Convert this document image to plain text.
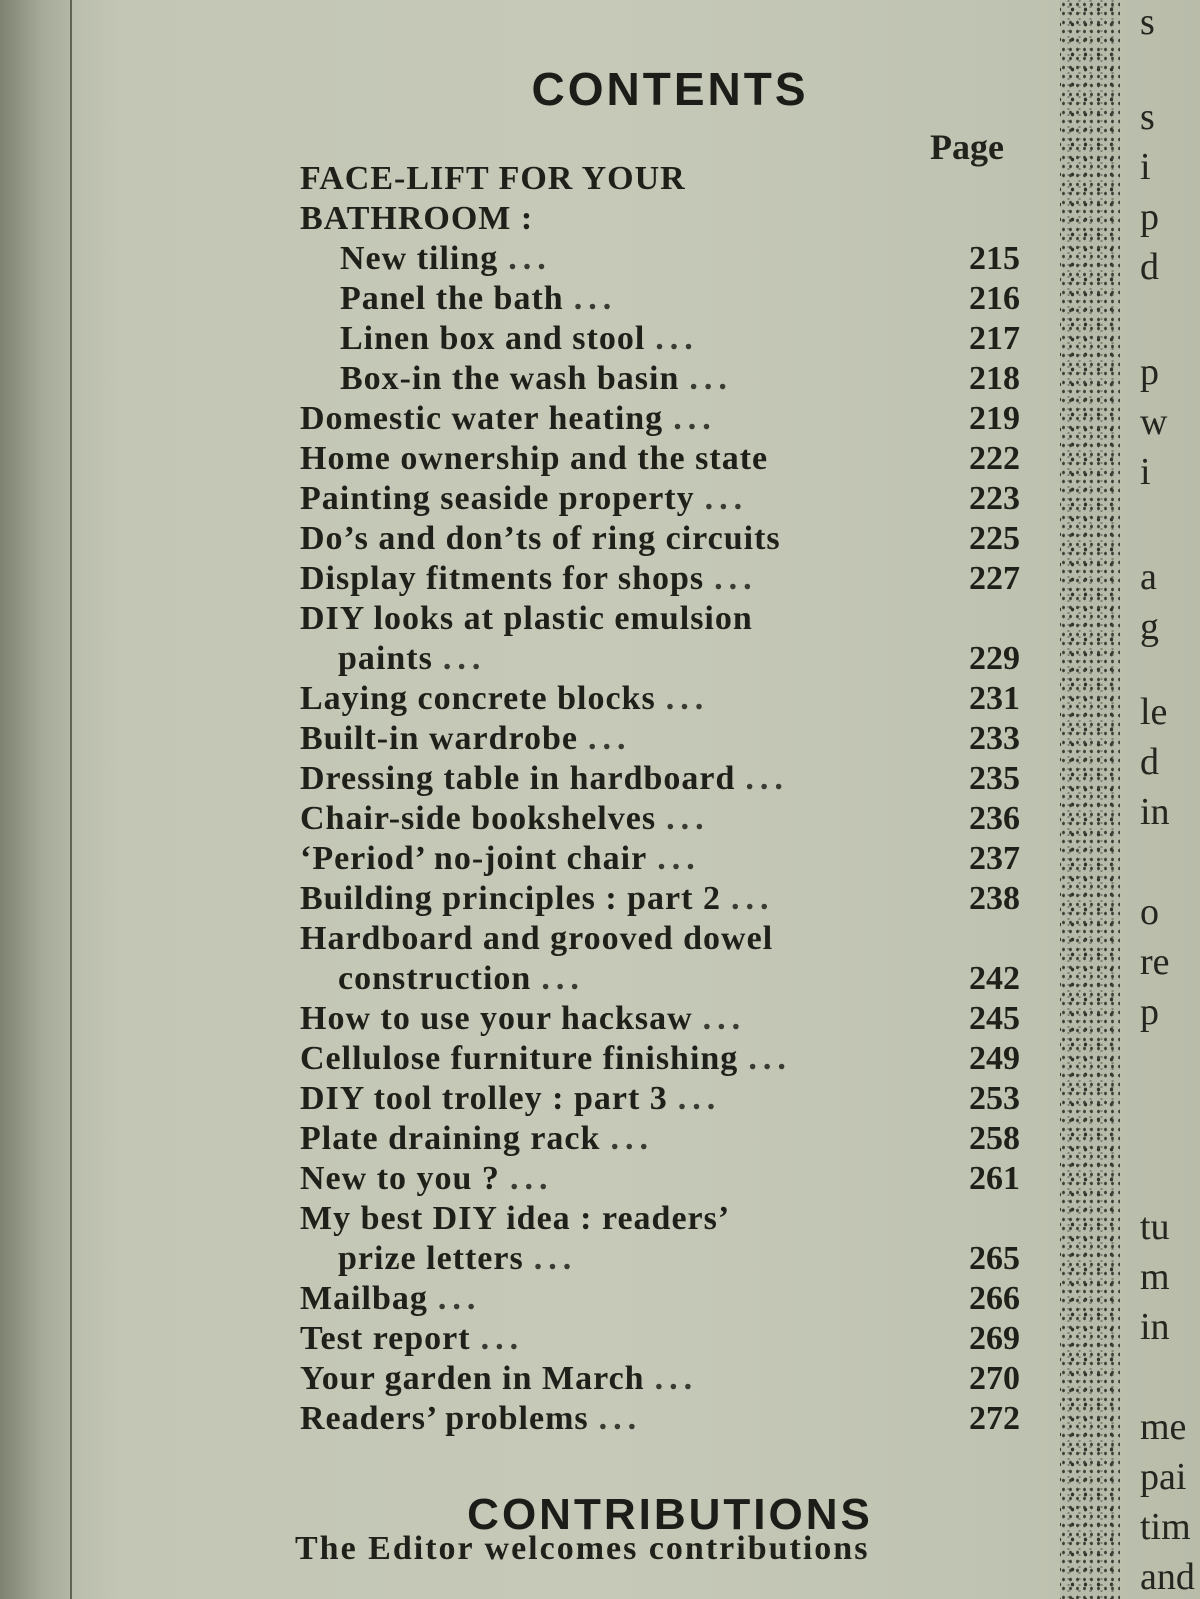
CONTENTS
Page
FACE-LIFT FOR YOUR
BATHROOM :
New tiling ...	215
Panel the bath ...	216
Linen box and stool ...	217
Box-in the wash basin ...	218
Domestic water heating ...	219
Home ownership and the state	222
Painting seaside property ...	223
Do’s and don’ts of ring circuits	225
Display fitments for shops ...	227
DIY looks at plastic emulsion
paints ...	229
Laying concrete blocks ...	231
Built-in wardrobe ...	233
Dressing table in hardboard ...	235
Chair-side bookshelves ...	236
‘Period’ no-joint chair ...	237
Building principles : part 2 ...	238
Hardboard and grooved dowel
construction ...	242
How to use your hacksaw ...	245
Cellulose furniture finishing ...	249
DIY tool trolley : part 3 ...	253
Plate draining rack ...	258
New to you ? ...	261
My best DIY idea : readers’
prize letters ...	265
Mailbag ...	266
Test report ...	269
Your garden in March ...	270
Readers’ problems ...	272
CONTRIBUTIONS
The Editor welcomes contributions
s
s
i
p
d
p
w
i
a
g
le
d
in
o
re
p
tu
m
in
me
pai
tim
and
